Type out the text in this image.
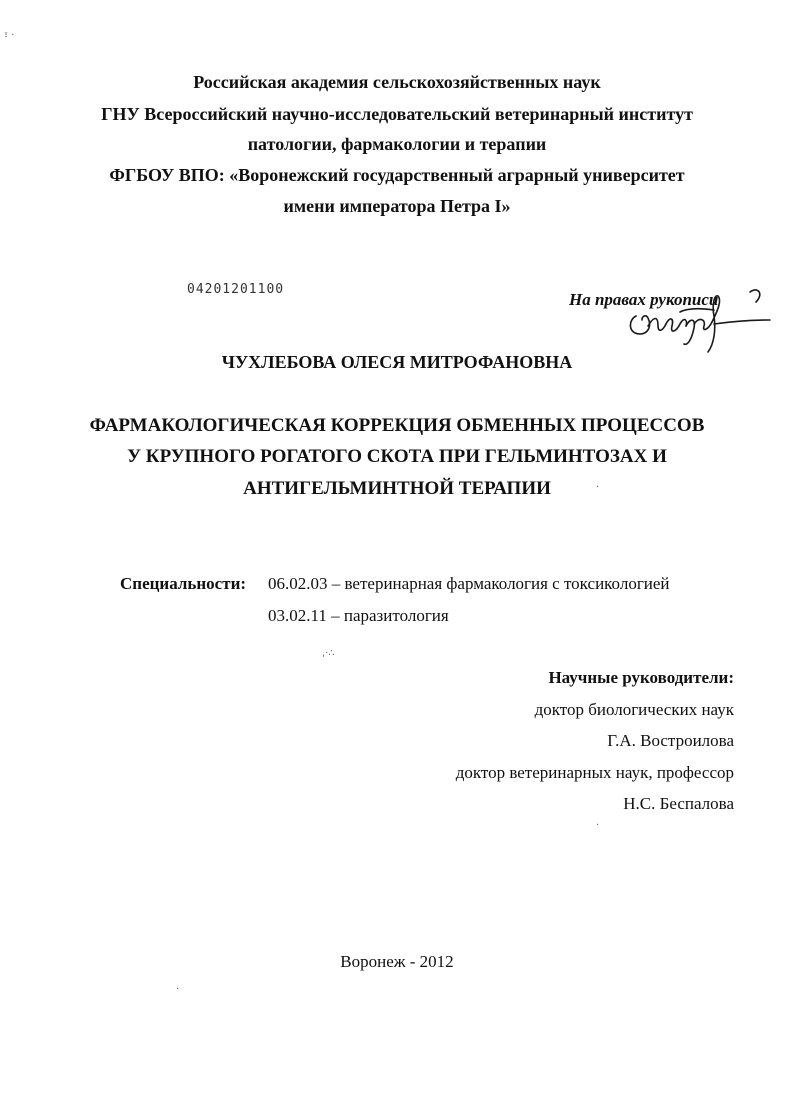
፣ ·
,·∴
·
·
·
Российская академия сельскохозяйственных наук
ГНУ Всероссийский научно-исследовательский ветеринарный институт
патологии, фармакологии и терапии
ФГБОУ ВПО: «Воронежский государственный аграрный университет
имени императора Петра I»
04201201100
На правах рукописи
ЧУХЛЕБОВА ОЛЕСЯ МИТРОФАНОВНА
ФАРМАКОЛОГИЧЕСКАЯ КОРРЕКЦИЯ ОБМЕННЫХ ПРОЦЕССОВ
У КРУПНОГО РОГАТОГО СКОТА ПРИ ГЕЛЬМИНТОЗАХ И
АНТИГЕЛЬМИНТНОЙ ТЕРАПИИ
Специальности: 06.02.03 – ветеринарная фармакология с токсикологией
03.02.11 – паразитология
Научные руководители:
доктор биологических наук
Г.А. Востроилова
доктор ветеринарных наук, профессор
Н.С. Беспалова
Воронеж - 2012
